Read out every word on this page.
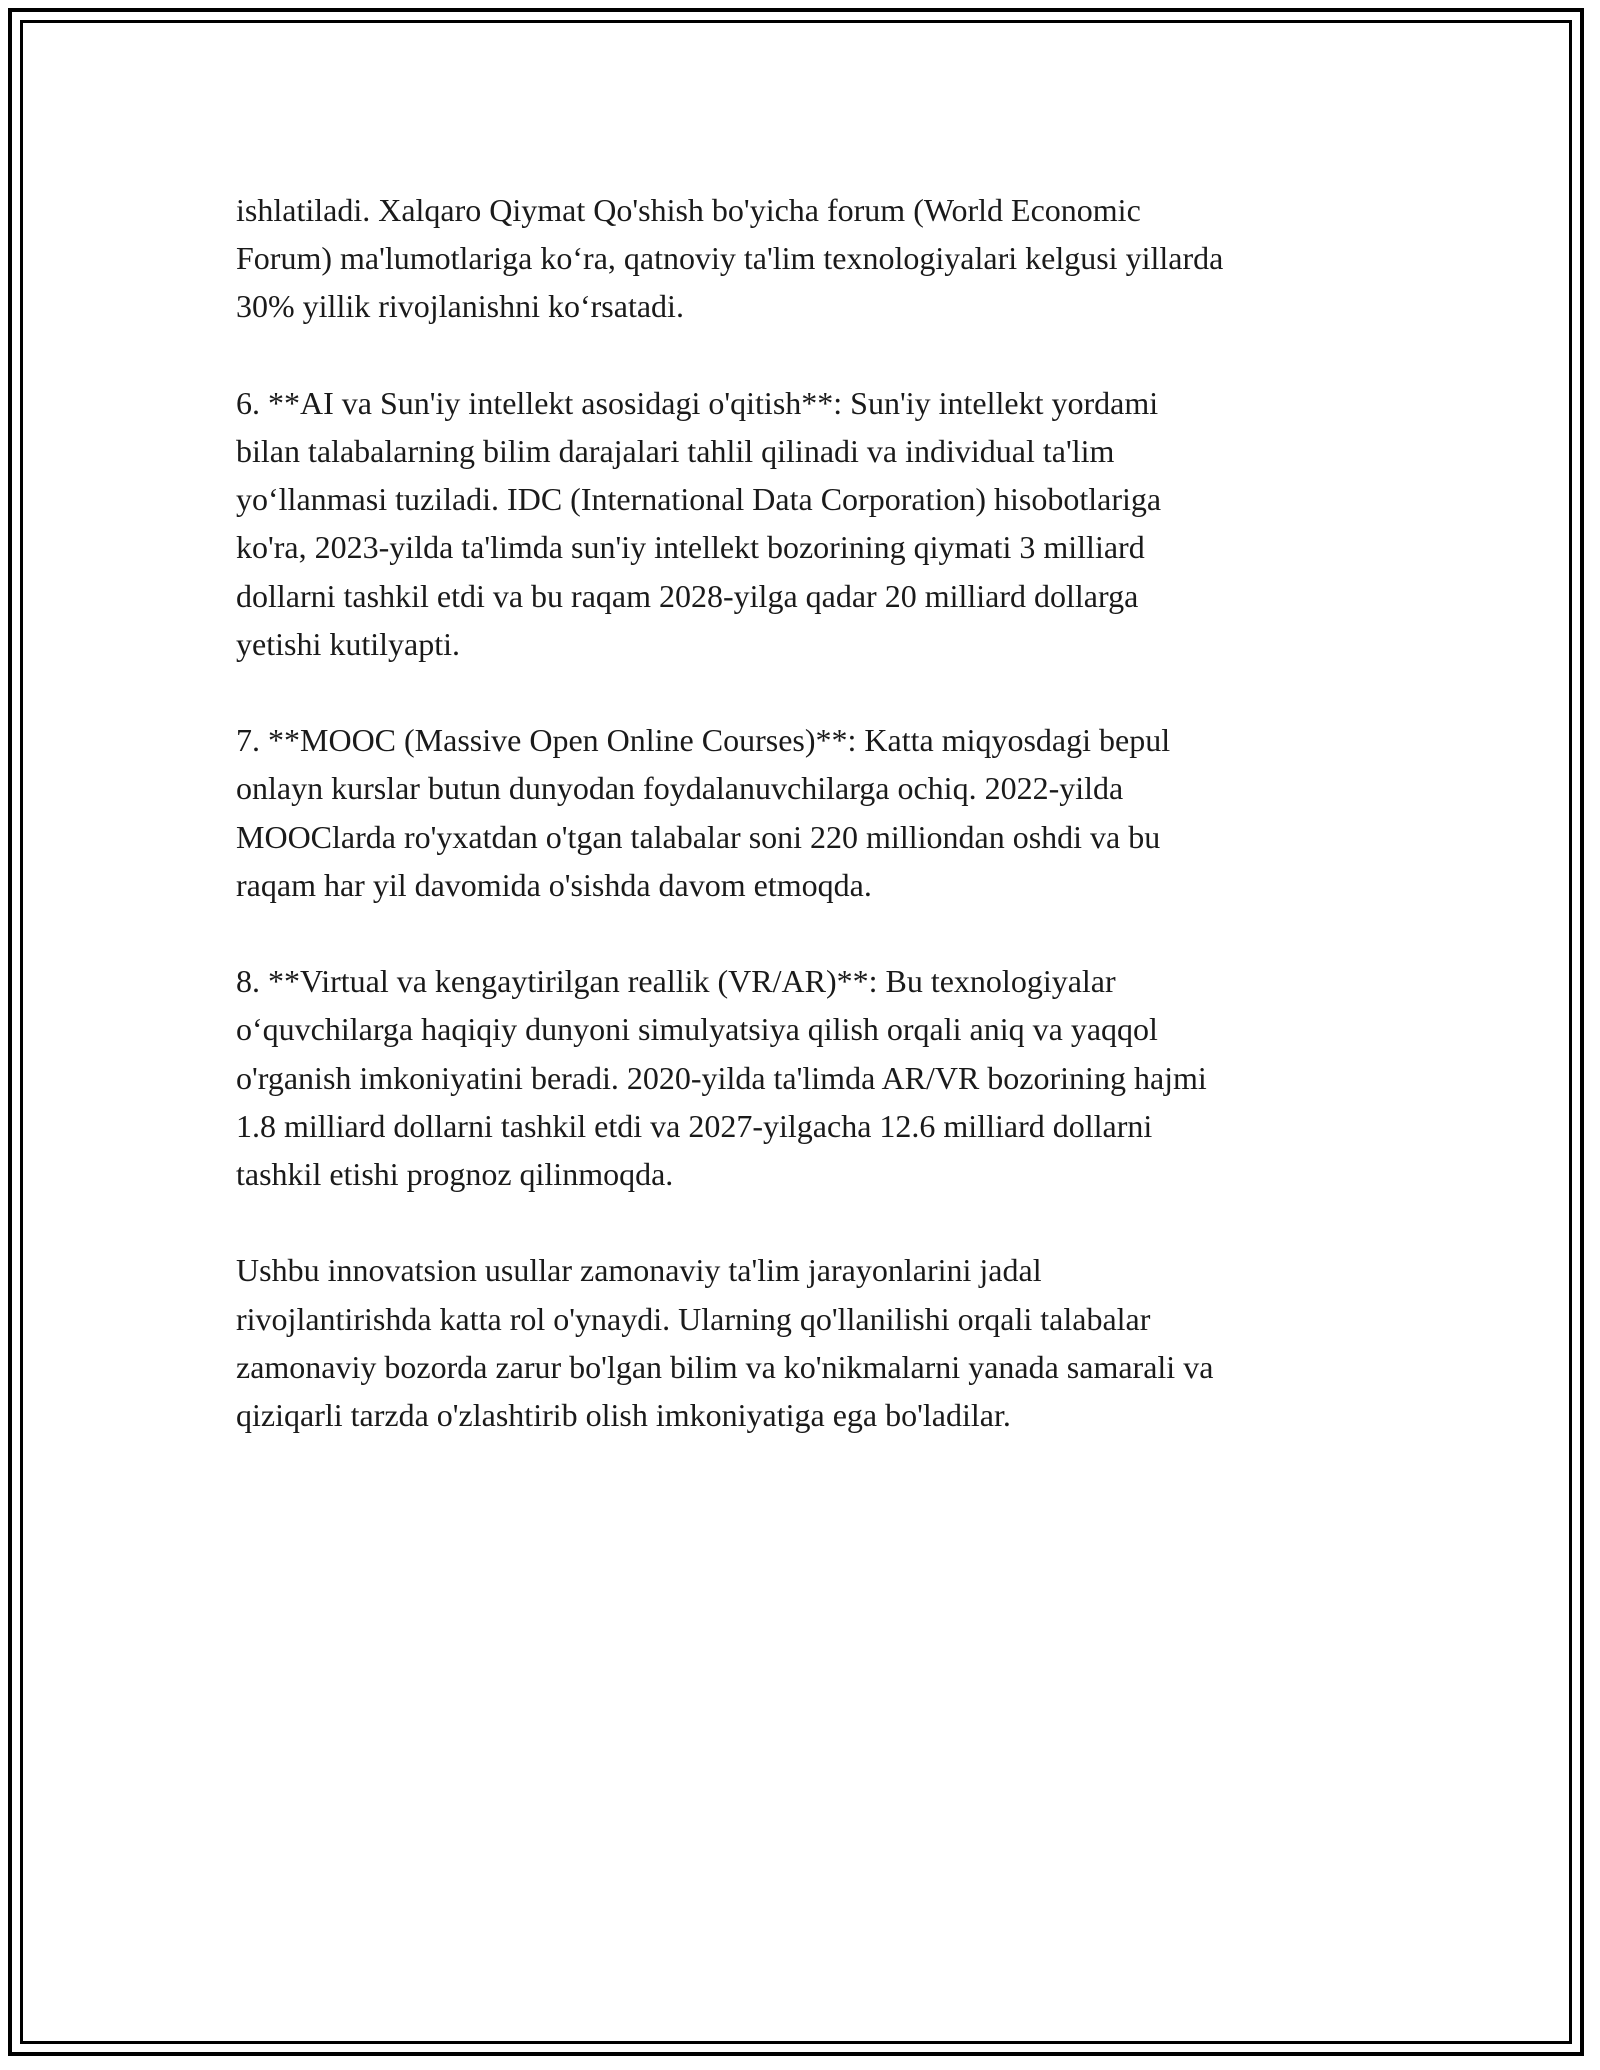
ishlatiladi. Xalqaro Qiymat Qo'shish bo'yicha forum (World Economic
Forum) ma'lumotlariga ko‘ra, qatnoviy ta'lim texnologiyalari kelgusi yillarda
30% yillik rivojlanishni ko‘rsatadi.

6. **AI va Sun'iy intellekt asosidagi o'qitish**: Sun'iy intellekt yordami
bilan talabalarning bilim darajalari tahlil qilinadi va individual ta'lim
yo‘llanmasi tuziladi. IDC (International Data Corporation) hisobotlariga
ko'ra, 2023-yilda ta'limda sun'iy intellekt bozorining qiymati 3 milliard
dollarni tashkil etdi va bu raqam 2028-yilga qadar 20 milliard dollarga
yetishi kutilyapti.

7. **MOOC (Massive Open Online Courses)**: Katta miqyosdagi bepul
onlayn kurslar butun dunyodan foydalanuvchilarga ochiq. 2022-yilda
MOOClarda ro'yxatdan o'tgan talabalar soni 220 milliondan oshdi va bu
raqam har yil davomida o'sishda davom etmoqda.

8. **Virtual va kengaytirilgan reallik (VR/AR)**: Bu texnologiyalar
o‘quvchilarga haqiqiy dunyoni simulyatsiya qilish orqali aniq va yaqqol
o'rganish imkoniyatini beradi. 2020-yilda ta'limda AR/VR bozorining hajmi
1.8 milliard dollarni tashkil etdi va 2027-yilgacha 12.6 milliard dollarni
tashkil etishi prognoz qilinmoqda.

Ushbu innovatsion usullar zamonaviy ta'lim jarayonlarini jadal
rivojlantirishda katta rol o'ynaydi. Ularning qo'llanilishi orqali talabalar
zamonaviy bozorda zarur bo'lgan bilim va ko'nikmalarni yanada samarali va
qiziqarli tarzda o'zlashtirib olish imkoniyatiga ega bo'ladilar.
